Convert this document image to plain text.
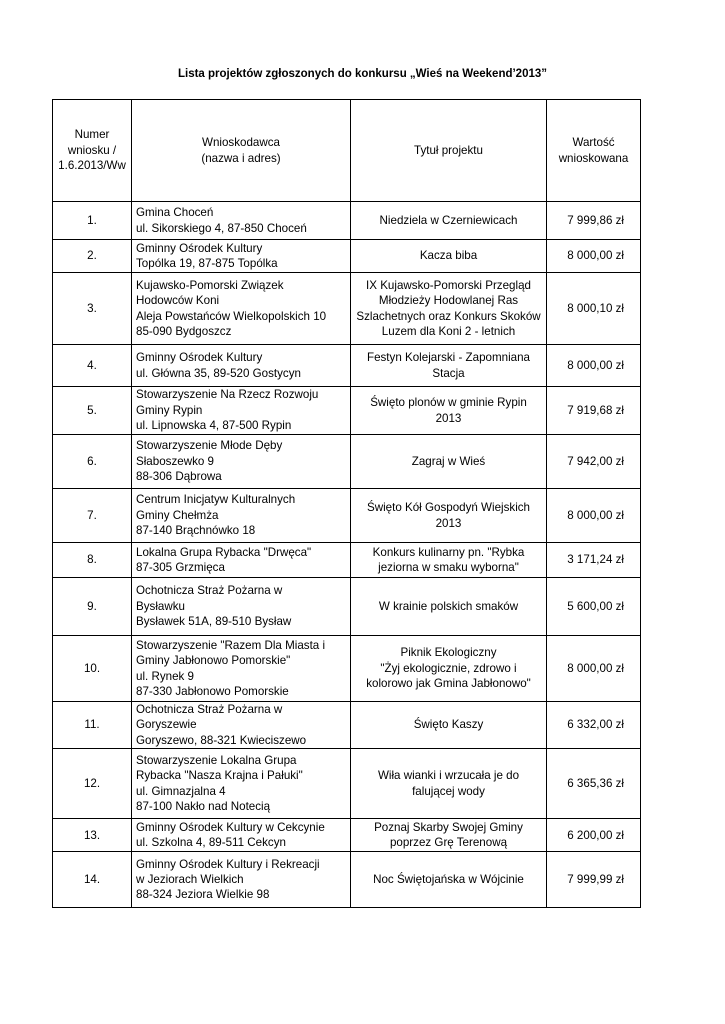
Lista projektów zgłoszonych do konkursu „Wieś na Weekend’2013”
Numer
wniosku /
1.6.2013/Ww	Wnioskodawca
(nazwa i adres)	Tytuł projektu	Wartość
wnioskowana

1.	Gmina Choceń
ul. Sikorskiego 4, 87-850 Choceń	Niedziela w Czerniewicach	7 999,86 zł
2.	Gminny Ośrodek Kultury
Topólka 19, 87-875 Topólka	Kacza biba	8 000,00 zł
3.	Kujawsko-Pomorski Związek
Hodowców Koni
Aleja Powstańców Wielkopolskich 10
85-090 Bydgoszcz	IX Kujawsko-Pomorski Przegląd
Młodzieży Hodowlanej Ras
Szlachetnych oraz Konkurs Skoków
Luzem dla Koni 2 - letnich	8 000,10 zł
4.	Gminny Ośrodek Kultury
ul. Główna 35, 89-520 Gostycyn	Festyn Kolejarski - Zapomniana
Stacja	8 000,00 zł
5.	Stowarzyszenie Na Rzecz Rozwoju
Gminy Rypin
ul. Lipnowska 4, 87-500 Rypin	Święto plonów w gminie Rypin
2013	7 919,68 zł
6.	Stowarzyszenie Młode Dęby
Słaboszewko 9
88-306 Dąbrowa	Zagraj w Wieś	7 942,00 zł
7.	Centrum Inicjatyw Kulturalnych
Gminy Chełmża
87-140 Brąchnówko 18	Święto Kół Gospodyń Wiejskich
2013	8 000,00 zł
8.	Lokalna Grupa Rybacka "Drwęca"
87-305 Grzmięca	Konkurs kulinarny pn. "Rybka
jeziorna w smaku wyborna"	3 171,24 zł
9.	Ochotnicza Straż Pożarna w
Bysławku
Bysławek 51A, 89-510 Bysław	W krainie polskich smaków	5 600,00 zł
10.	Stowarzyszenie "Razem Dla Miasta i
Gminy Jabłonowo Pomorskie"
ul. Rynek 9
87-330 Jabłonowo Pomorskie	Piknik Ekologiczny
"Żyj ekologicznie, zdrowo i
kolorowo jak Gmina Jabłonowo"	8 000,00 zł
11.	Ochotnicza Straż Pożarna w
Goryszewie
Goryszewo, 88-321 Kwieciszewo	Święto Kaszy	6 332,00 zł
12.	Stowarzyszenie Lokalna Grupa
Rybacka "Nasza Krajna i Pałuki"
ul. Gimnazjalna 4
87-100 Nakło nad Notecią	Wiła wianki i wrzucała je do
falującej wody	6 365,36 zł
13.	Gminny Ośrodek Kultury w Cekcynie
ul. Szkolna 4, 89-511 Cekcyn	Poznaj Skarby Swojej Gminy
poprzez Grę Terenową	6 200,00 zł
14.	Gminny Ośrodek Kultury i Rekreacji
w Jeziorach Wielkich
88-324 Jeziora Wielkie 98	Noc Świętojańska w Wójcinie	7 999,99 zł
